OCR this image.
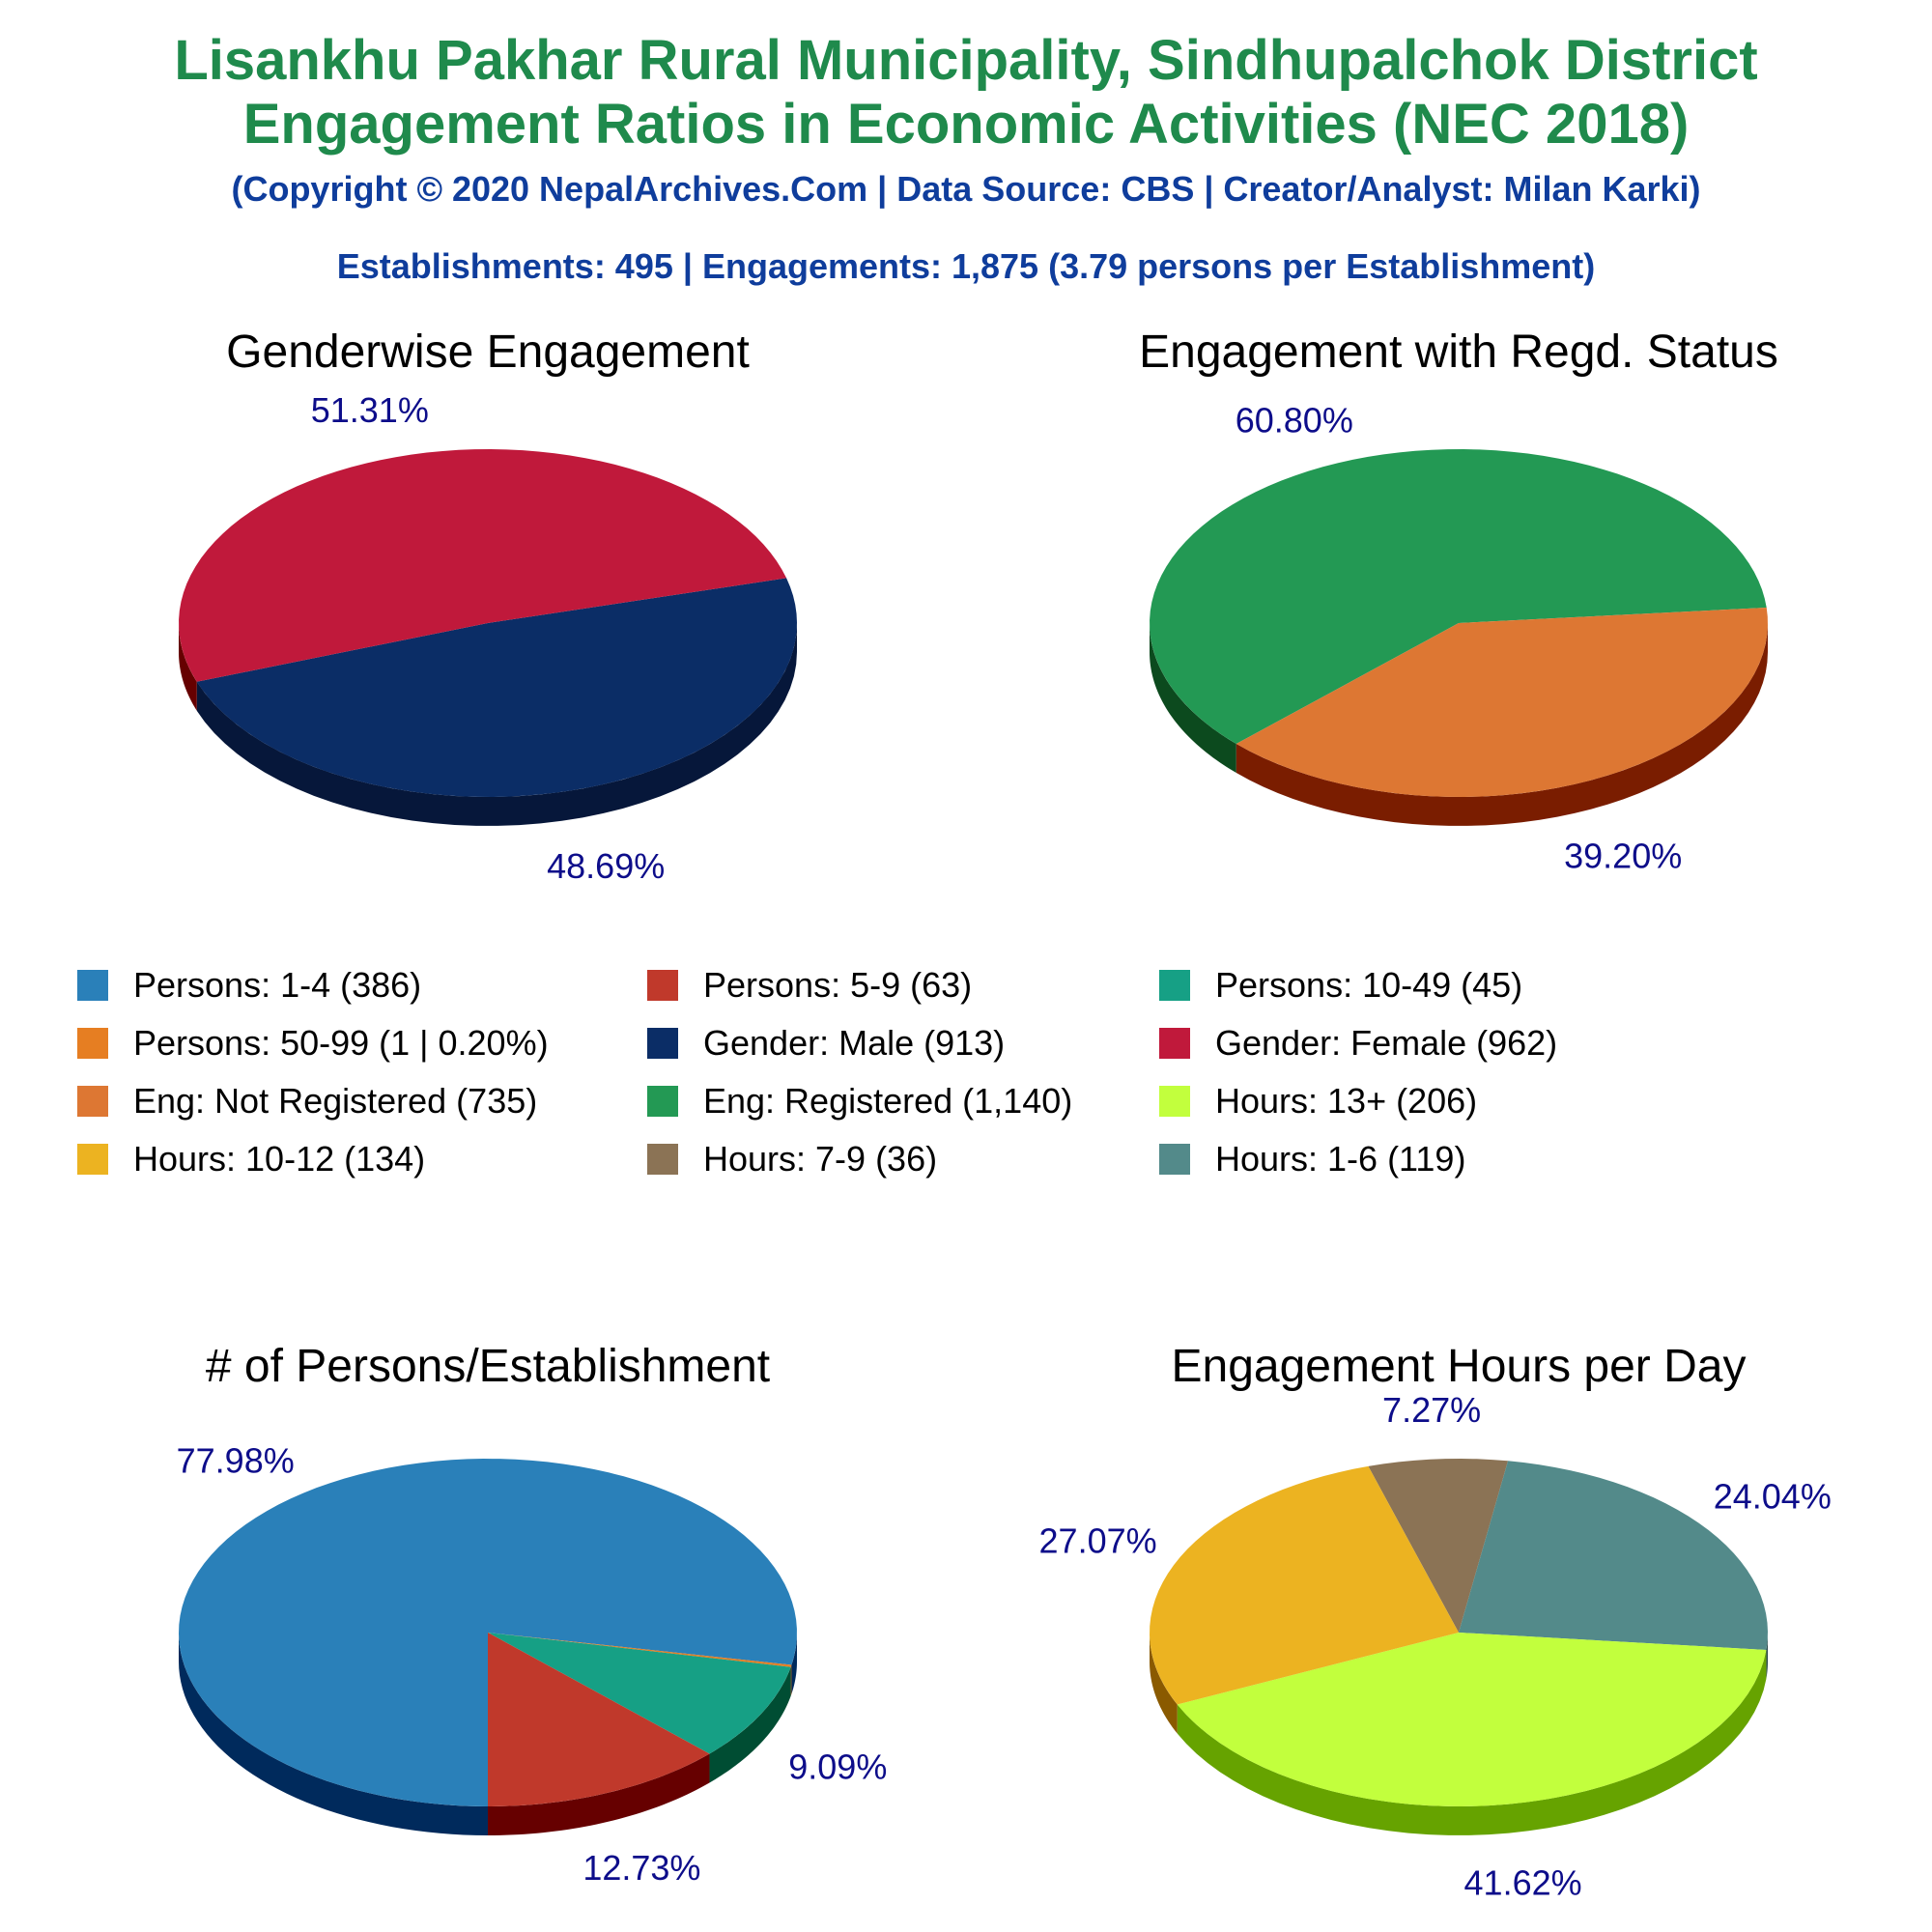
Lisankhu Pakhar Rural Municipality, Sindhupalchok District
Engagement Ratios in Economic Activities (NEC 2018)
(Copyright © 2020 NepalArchives.Com | Data Source: CBS | Creator/Analyst: Milan Karki)
Establishments: 495 | Engagements: 1,875 (3.79 persons per Establishment)
Genderwise Engagement
48.69%
51.31%
Engagement with Regd. Status
60.80%
39.20%
# of Persons/Establishment
77.98%
9.09%
12.73%
Engagement Hours per Day
7.27%
24.04%
41.62%
27.07%
Persons: 1-4 (386)	Persons: 5-9 (63)	Persons: 10-49 (45)
Persons: 50-99 (1 | 0.20%)	Gender: Male (913)	Gender: Female (962)
Eng: Not Registered (735)	Eng: Registered (1,140)	Hours: 13+ (206)
Hours: 10-12 (134)	Hours: 7-9 (36)	Hours: 1-6 (119)
